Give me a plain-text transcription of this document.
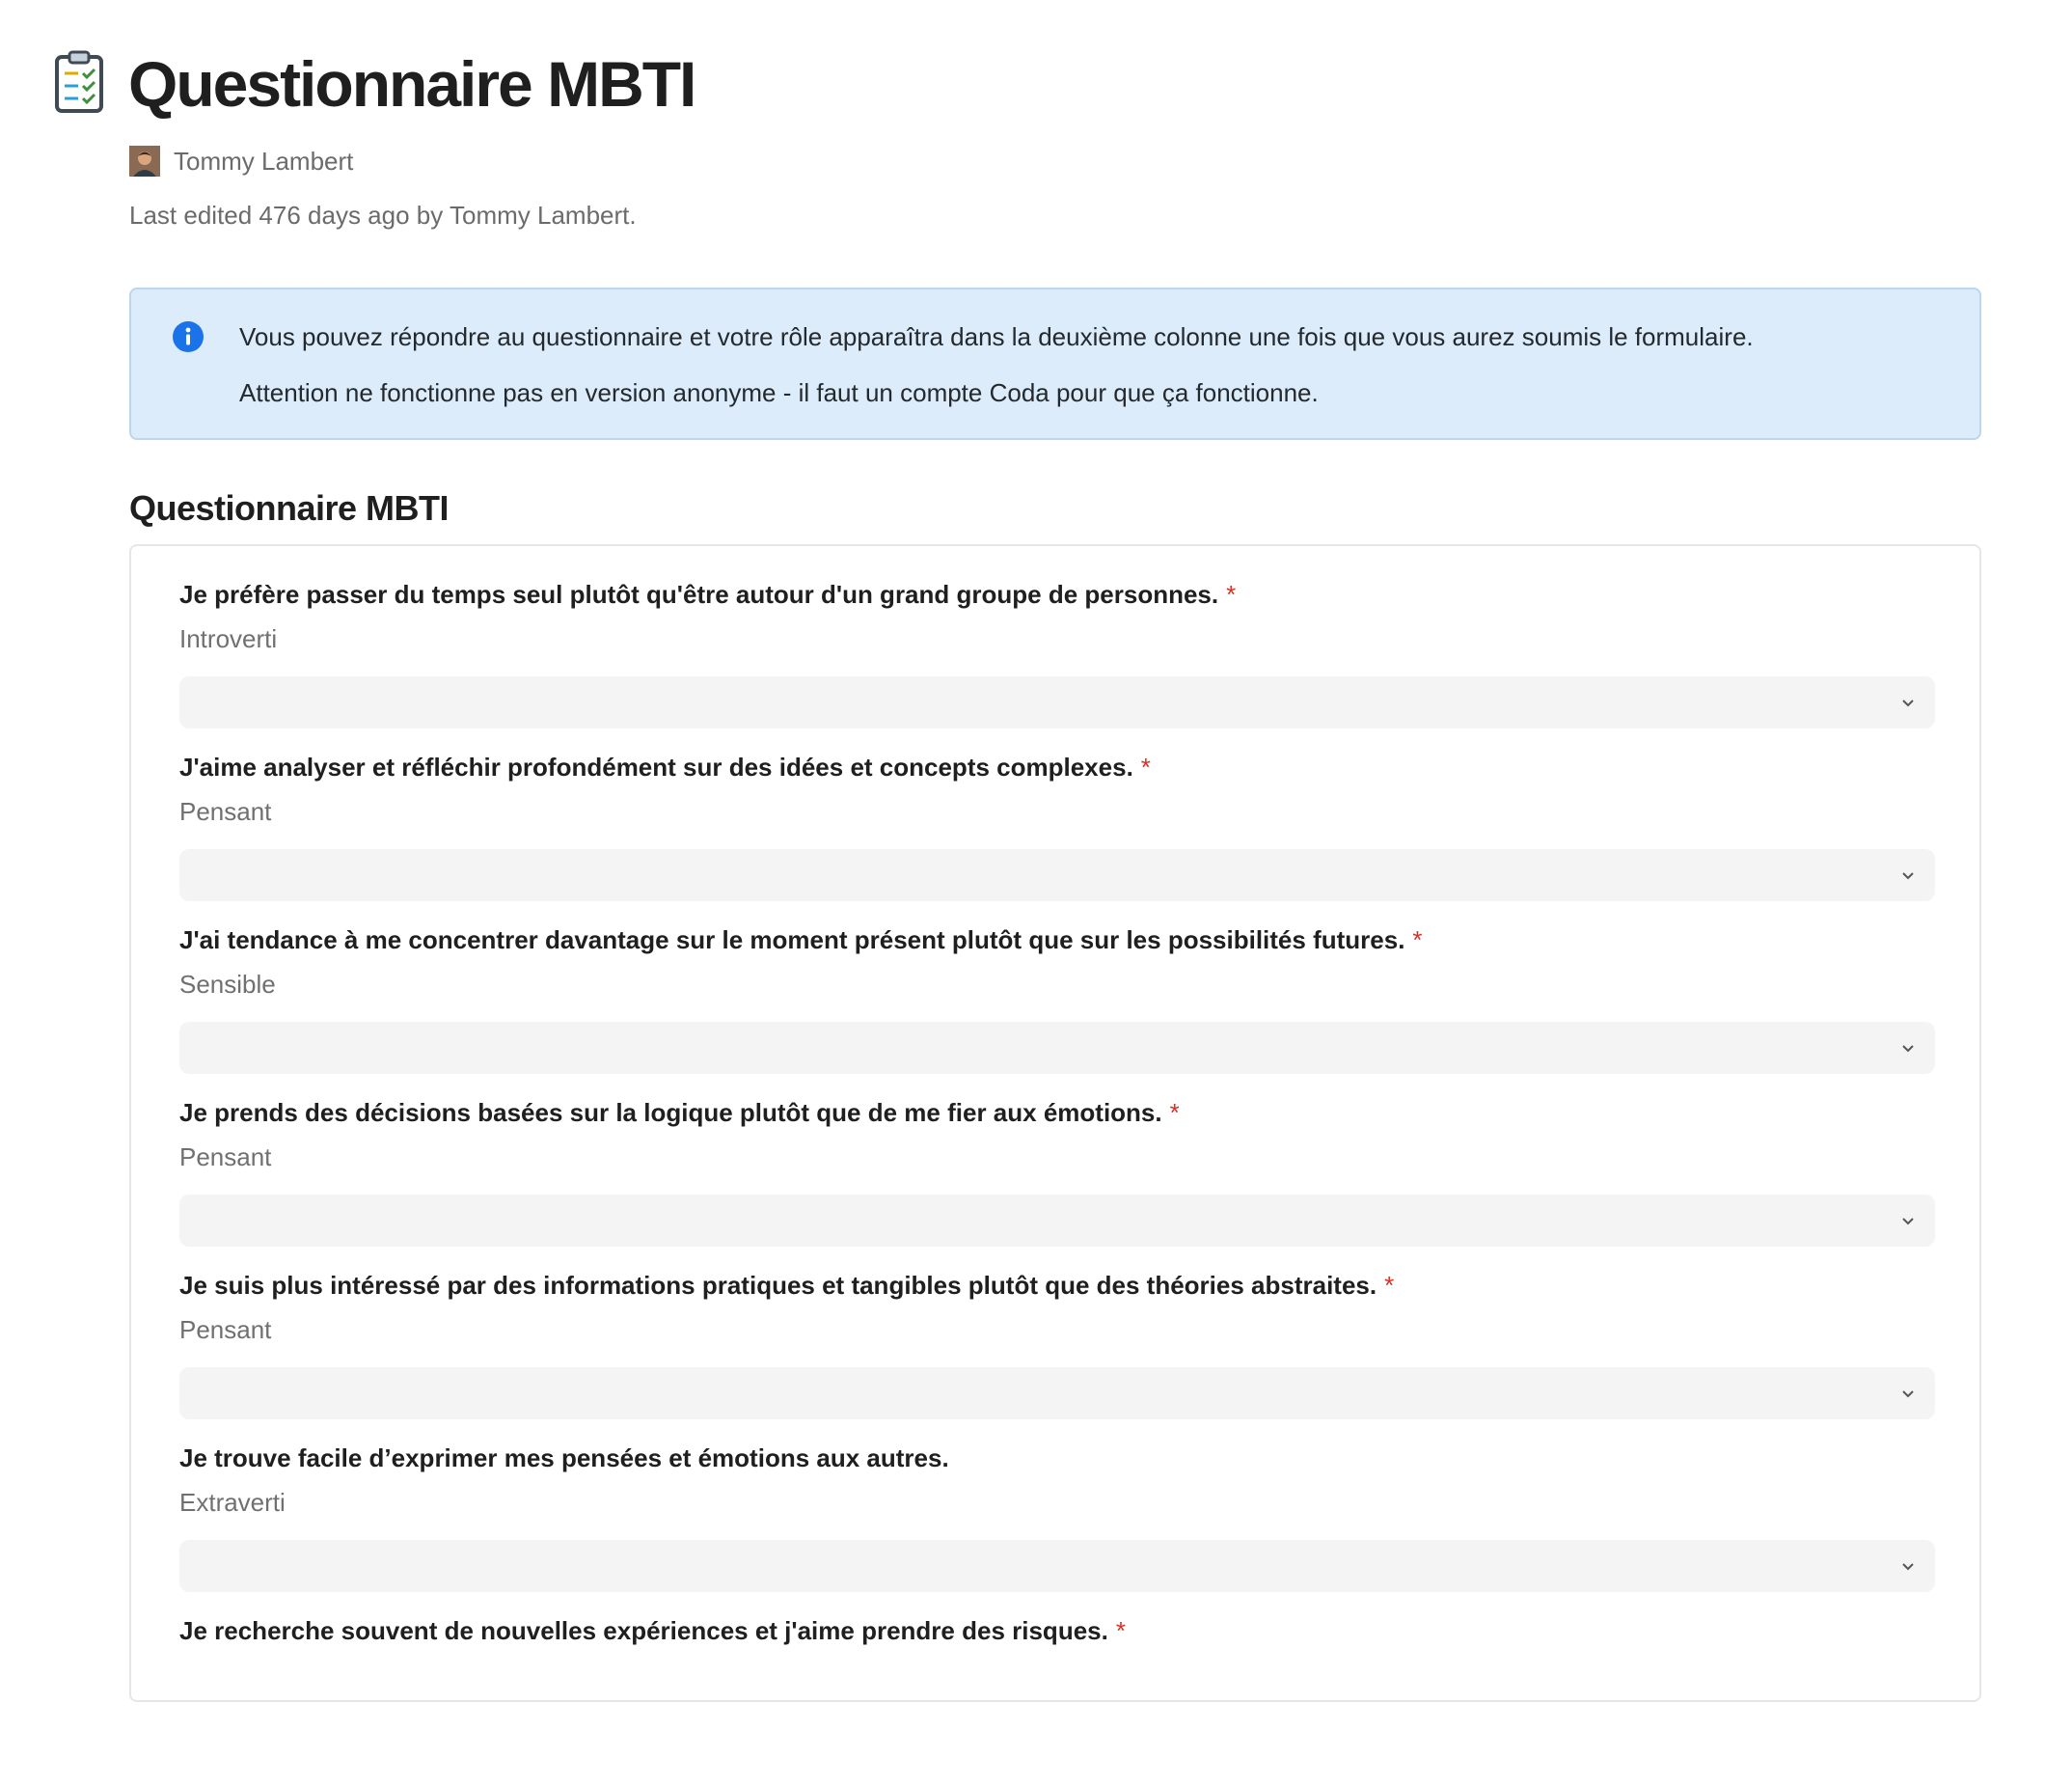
Questionnaire MBTI
Tommy Lambert
Last edited 476 days ago by Tommy Lambert.
Vous pouvez répondre au questionnaire et votre rôle apparaîtra dans la deuxième colonne une fois que vous aurez soumis le formulaire.
Attention ne fonctionne pas en version anonyme - il faut un compte Coda pour que ça fonctionne.
Questionnaire MBTI
Je préfère passer du temps seul plutôt qu'être autour d'un grand groupe de personnes. *
Introverti
J'aime analyser et réfléchir profondément sur des idées et concepts complexes. *
Pensant
J'ai tendance à me concentrer davantage sur le moment présent plutôt que sur les possibilités futures. *
Sensible
Je prends des décisions basées sur la logique plutôt que de me fier aux émotions. *
Pensant
Je suis plus intéressé par des informations pratiques et tangibles plutôt que des théories abstraites. *
Pensant
Je trouve facile d’exprimer mes pensées et émotions aux autres.
Extraverti
Je recherche souvent de nouvelles expériences et j'aime prendre des risques. *
